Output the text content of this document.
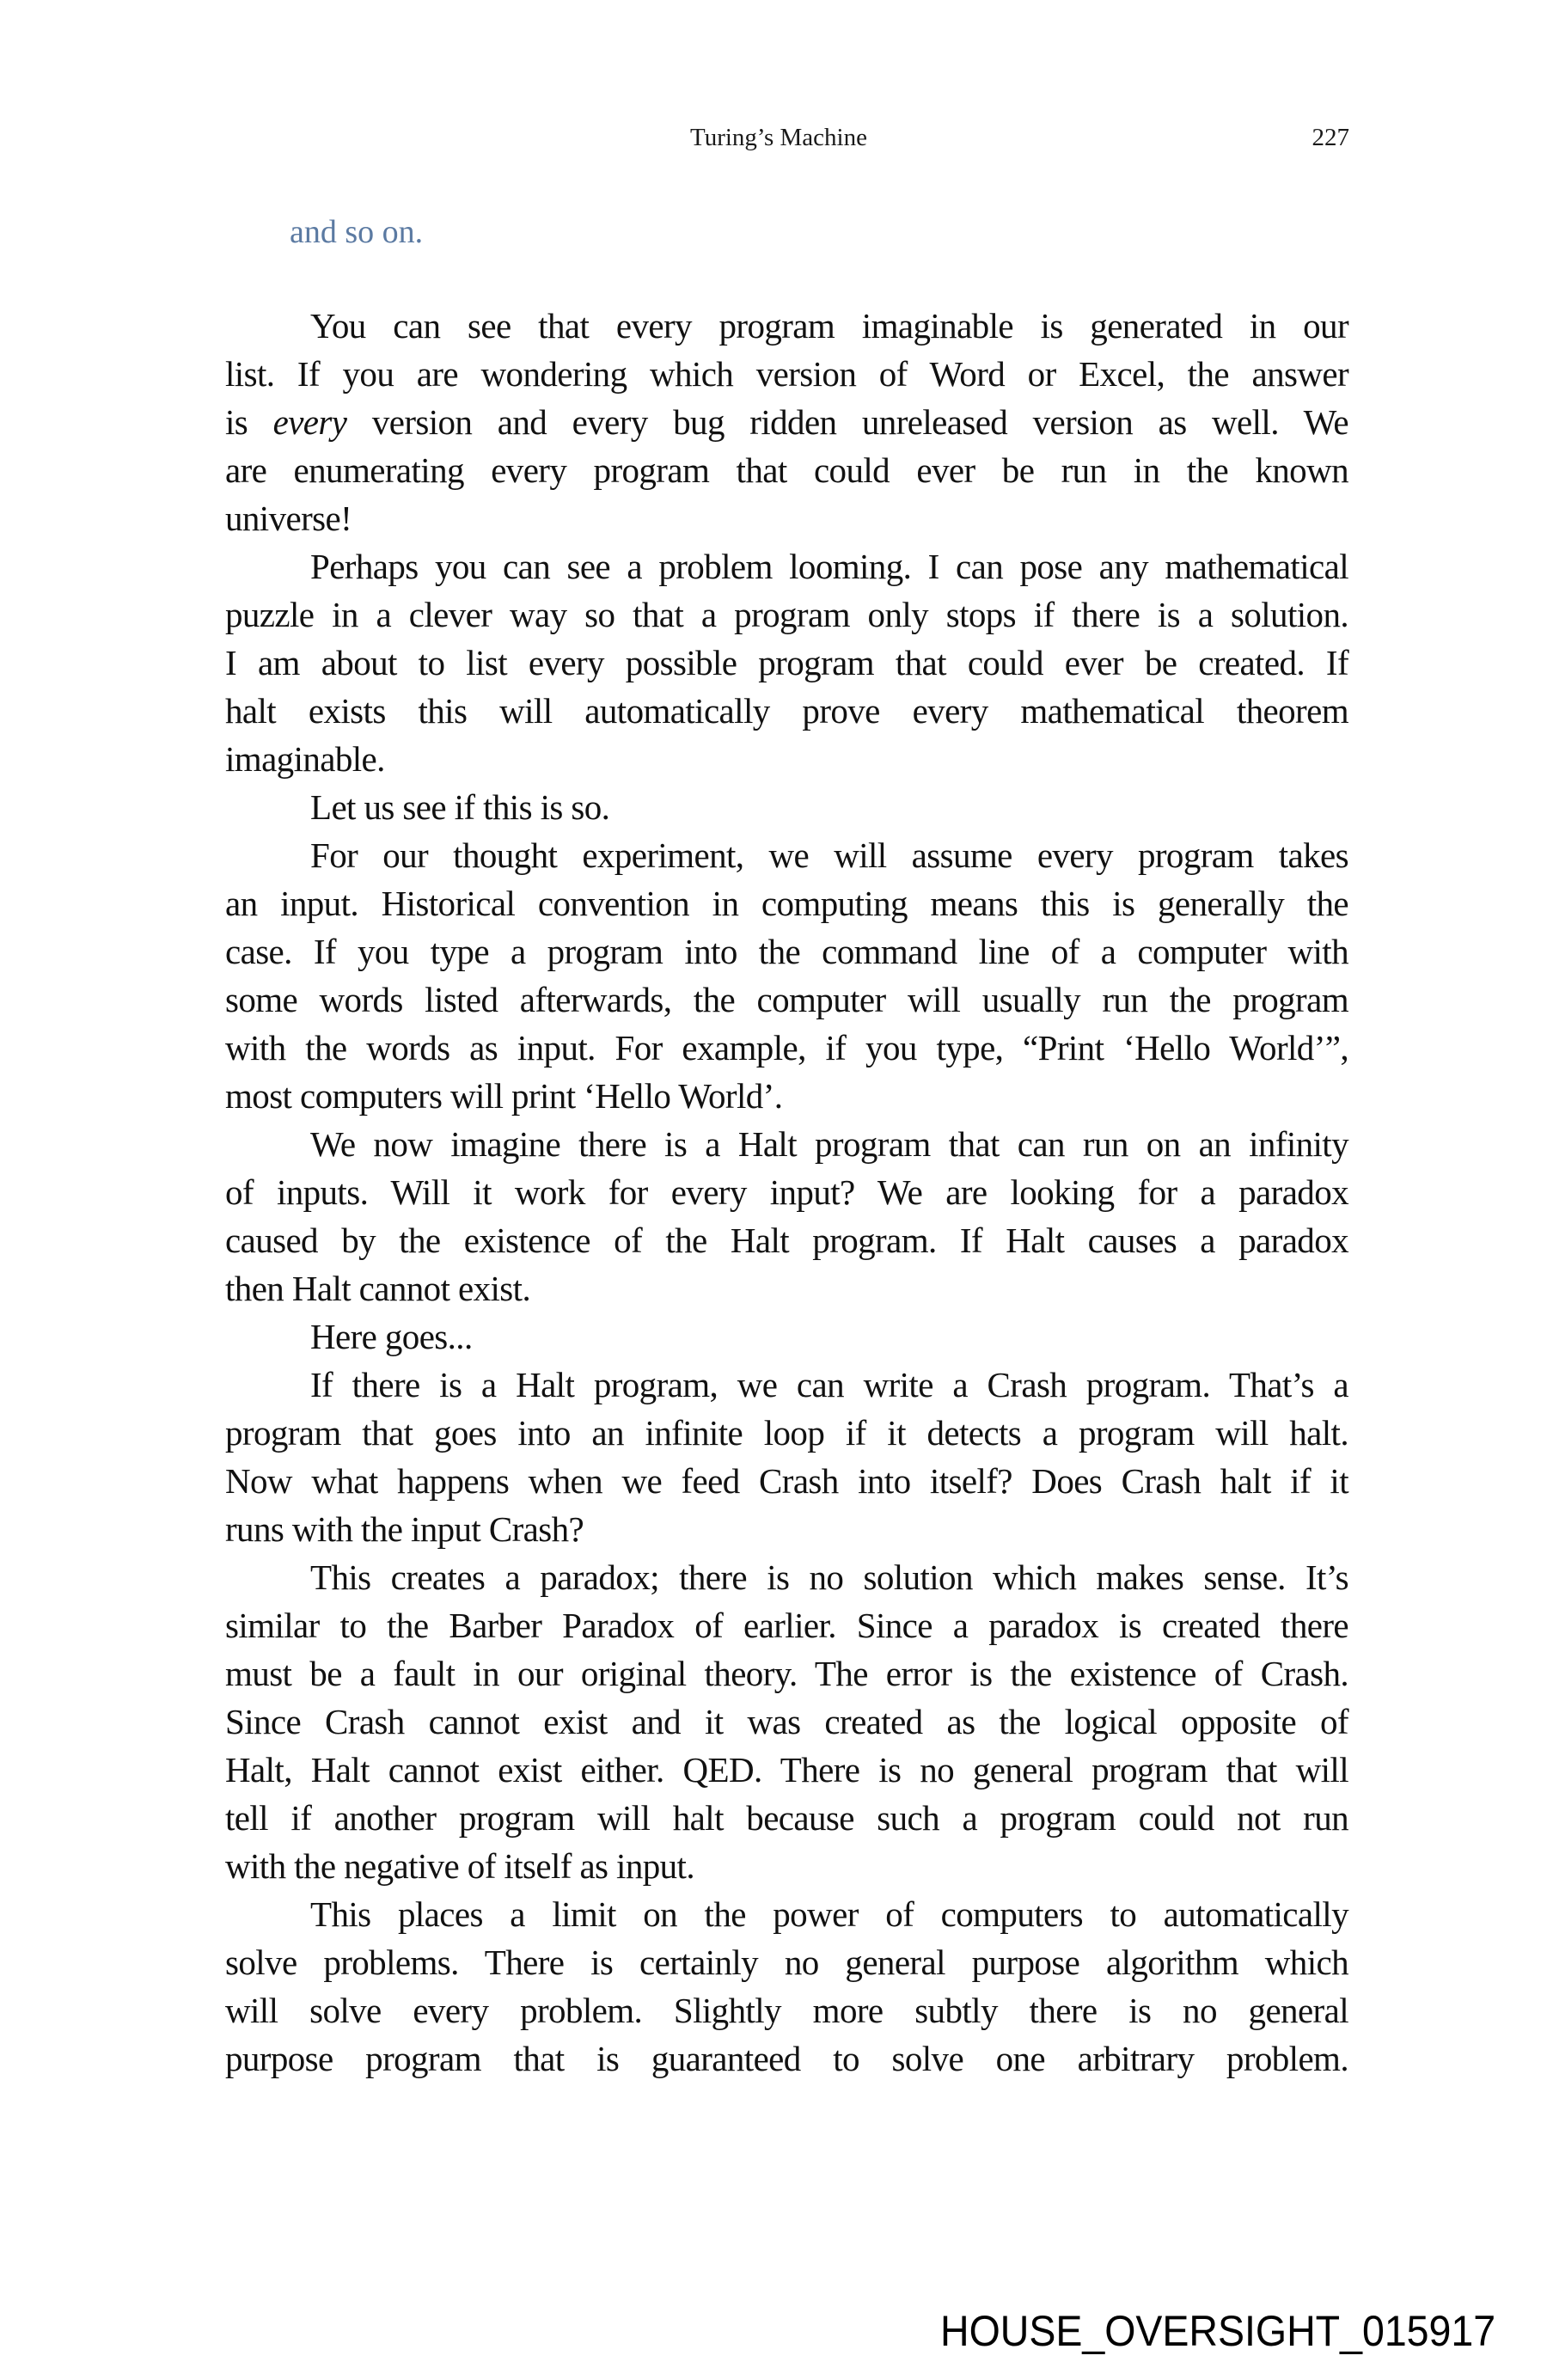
Turing’s Machine	227
and so on.
You can see that every program imaginable is generated in our
list. If you are wondering which version of Word or Excel, the answer
is every version and every bug ridden unreleased version as well. We
are enumerating every program that could ever be run in the known
universe!
Perhaps you can see a problem looming. I can pose any mathematical
puzzle in a clever way so that a program only stops if there is a solution.
I am about to list every possible program that could ever be created. If
halt exists this will automatically prove every mathematical theorem
imaginable.
Let us see if this is so.
For our thought experiment, we will assume every program takes
an input. Historical convention in computing means this is generally the
case. If you type a program into the command line of a computer with
some words listed afterwards, the computer will usually run the program
with the words as input. For example, if you type, “Print ‘Hello World’”,
most computers will print ‘Hello World’.
We now imagine there is a Halt program that can run on an infinity
of inputs. Will it work for every input? We are looking for a paradox
caused by the existence of the Halt program. If Halt causes a paradox
then Halt cannot exist.
Here goes...
If there is a Halt program, we can write a Crash program. That’s a
program that goes into an infinite loop if it detects a program will halt.
Now what happens when we feed Crash into itself? Does Crash halt if it
runs with the input Crash?
This creates a paradox; there is no solution which makes sense. It’s
similar to the Barber Paradox of earlier. Since a paradox is created there
must be a fault in our original theory. The error is the existence of Crash.
Since Crash cannot exist and it was created as the logical opposite of
Halt, Halt cannot exist either. QED. There is no general program that will
tell if another program will halt because such a program could not run
with the negative of itself as input.
This places a limit on the power of computers to automatically
solve problems. There is certainly no general purpose algorithm which
will solve every problem. Slightly more subtly there is no general
purpose program that is guaranteed to solve one arbitrary problem.
HOUSE_OVERSIGHT_015917
